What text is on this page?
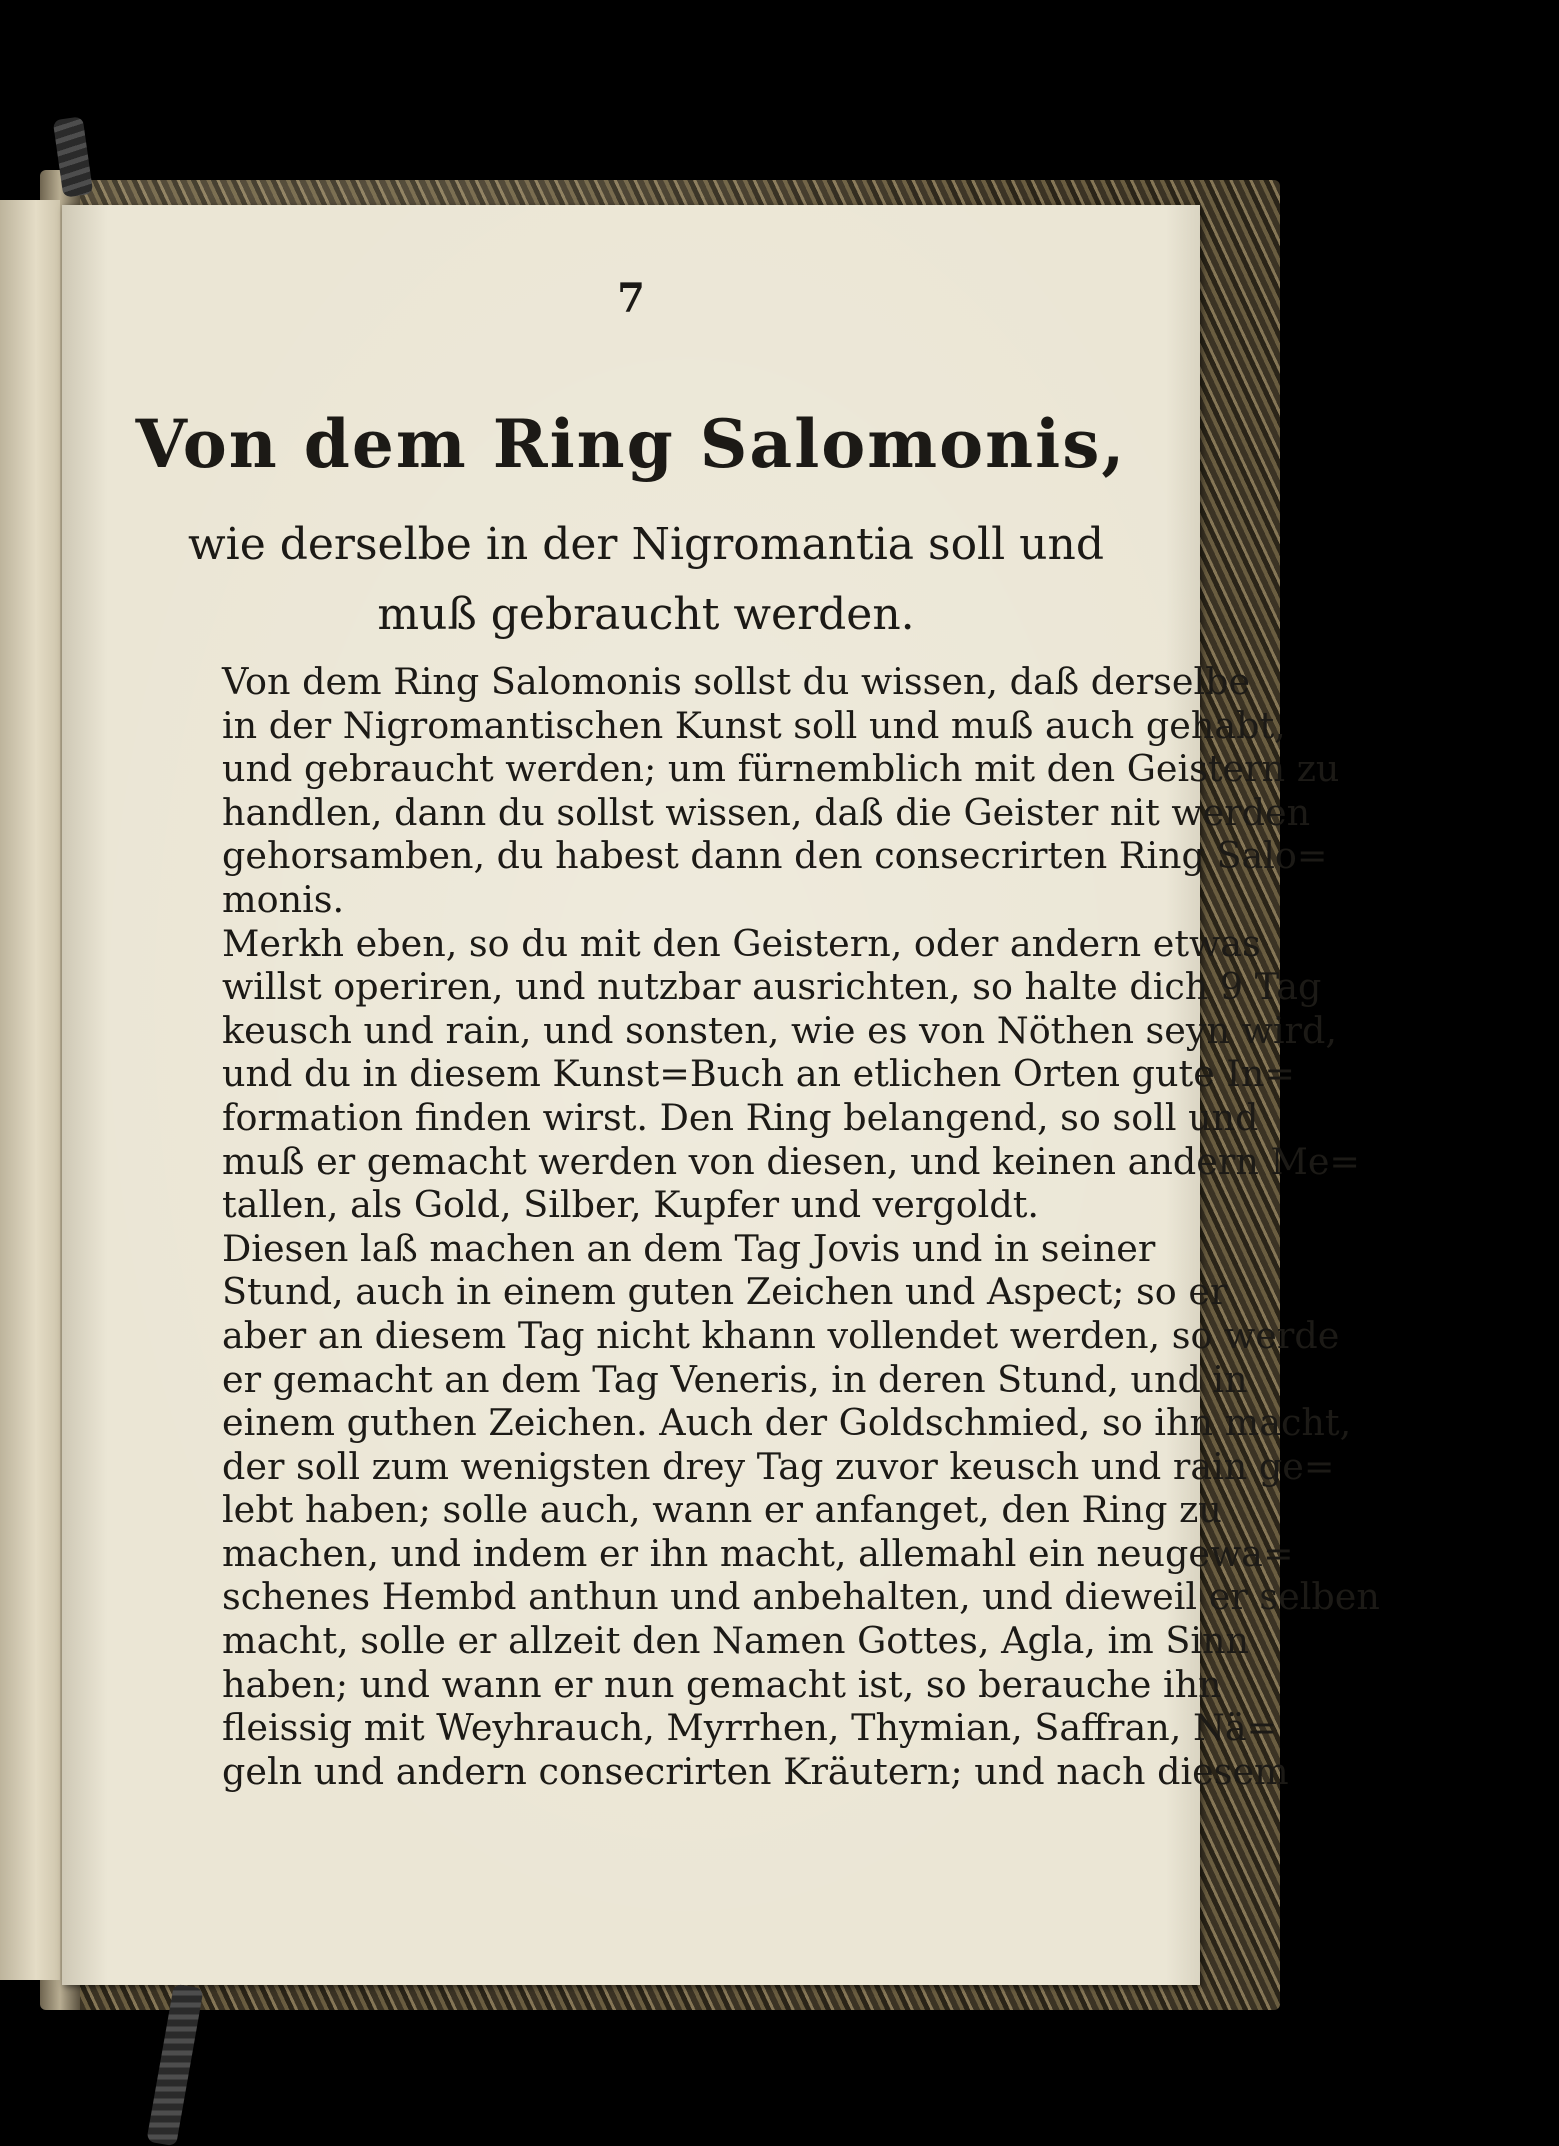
7
Von dem Ring Salomonis,
wie derselbe in der Nigromantia soll und muß gebraucht werden.

Von dem Ring Salomonis sollst du wissen, daß derselbe
in der Nigromantischen Kunst soll und muß auch gehabt,
und gebraucht werden; um fürnemblich mit den Geistern zu
handlen, dann du sollst wissen, daß die Geister nit werden
gehorsamben, du habest dann den consecrirten Ring Salo=
monis.

Merkh eben, so du mit den Geistern, oder andern etwas
willst operiren, und nutzbar ausrichten, so halte dich 9 Tag
keusch und rain, und sonsten, wie es von Nöthen seyn wird,
und du in diesem Kunst=Buch an etlichen Orten gute In=
formation finden wirst. Den Ring belangend, so soll und
muß er gemacht werden von diesen, und keinen andern Me=
tallen, als Gold, Silber, Kupfer und vergoldt.

Diesen laß machen an dem Tag Jovis und in seiner
Stund, auch in einem guten Zeichen und Aspect; so er
aber an diesem Tag nicht khann vollendet werden, so werde
er gemacht an dem Tag Veneris, in deren Stund, und in
einem guthen Zeichen. Auch der Goldschmied, so ihn macht,
der soll zum wenigsten drey Tag zuvor keusch und rain ge=
lebt haben; solle auch, wann er anfanget, den Ring zu
machen, und indem er ihn macht, allemahl ein neugewa=
schenes Hembd anthun und anbehalten, und dieweil er selben
macht, solle er allzeit den Namen Gottes, Agla, im Sinn
haben; und wann er nun gemacht ist, so berauche ihn
fleissig mit Weyhrauch, Myrrhen, Thymian, Saffran, Nä=
geln und andern consecrirten Kräutern; und nach diesem
